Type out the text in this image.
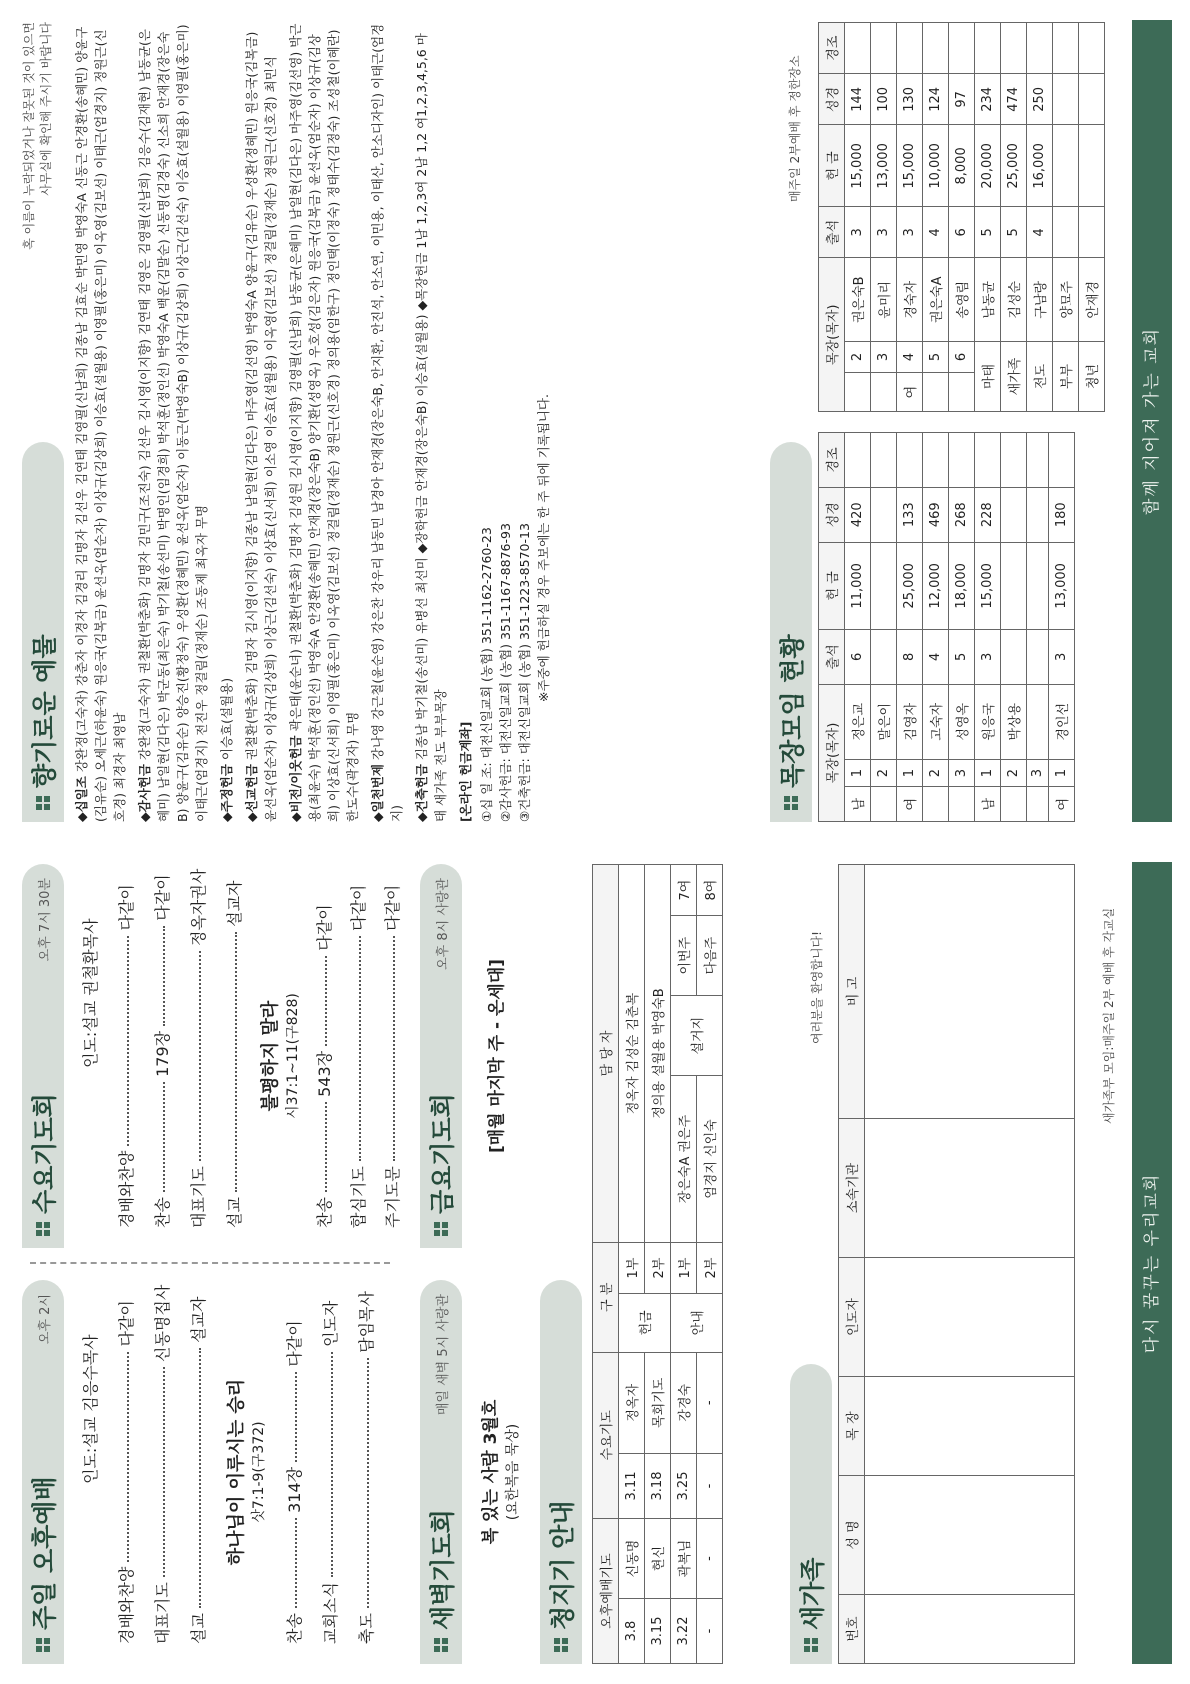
주일 오후예배
오후 2시
인도:설교 김응수목사
경배와찬양  다같이
대표기도  신동명집사
설교  설교자
하나님이 이루시는 승리 삿7:1-9(구372)
찬송  314장  다같이
교회소식  인도자
축도  담임목사
수요기도회
오후 7시 30분 인도:설교 권철환목사
경배와찬양  다같이
찬송  179장  다같이
대표기도  정옥자권사
설교  설교자
불평하지 말라 시37:1~11(구828)
찬송  543장  다같이
합심기도  다같이
주기도문  다같이
새벽기도회
매일 새벽 5시 사랑관
복 있는 사람 3월호 (요한복음 묵상)
금요기도회
오후 8시 사랑관
[매월 마지막 주 - 온세대]
청지기 안내 오후예배기도		수요기도		구 분		담 당 자			
3.8	신동명	3.11	정옥자	헌금	1부	정옥자 김성순 김춘복			
3.15	현신	3.18	목회기도		2부	정의용 설월용 박영숙B			
3.22	곽복님	3.25	강경숙	안내	1부	장은숙A 권은주	설거지	이번주	7여
-	-	-	-		2부	엄경지 신인숙		다음주	8여
새가족
여러분을 환영합니다!
번호	성 명	목 장	인도자	소속기관	비 고
						새가족부 모임:매주일 2부 예배 후 각교실
다시 꿈꾸는 우리교회
향기로운 예물
혹 이름이 누락되었거나 잘못된 것이 있으면 사무실에 확인해 주시기 바랍니다

◆십일조 강완정(고숙자) 강춘자 이경자 김경리 김명자 김선우 김연태 김영필(신남희) 김종남 김효순 박민영 박영숙A 신동근 안경환(송혜민) 양윤구(김유순) 오세근(하윤숙) 원응국(김복금) 윤선옥(엄순자) 이상규(김상희) 이승효(설월용) 이영필(홍은미) 이옥영(김보선) 이태근(엄경지) 정원근(신호경) 최경자 최영남 ◆감사헌금 강완정(고숙자) 권철환(박춘화) 김명자 김민구(조진숙) 김선우 김시영(이지향) 김연태 김영은 김영필(신남희) 김응수(김재현) 남동균(은혜미) 남일현(김다은) 박군동(최은숙) 박기철(송선미) 박명인(임경희) 박석훈(정인선) 박영숙A 백운(김말순) 신동명(김경숙) 신소희 안재경(장은숙B) 양윤구(김유순) 양승진(황정숙) 우성환(정혜민) 윤선옥(엄순자) 이동근(박영숙B) 이상규(김상희) 이상근(김선숙) 이승효(설월용) 이영필(홍은미) 이태근(엄경지) 전진우 정걸림(정재순) 조동제 최옥자 무명 ◆주정헌금 이승효(설월용)

◆선교헌금 권철환(박춘화) 김명자 김시영(이지향) 김종남 남일현(김다은) 마주영(김선영) 박영숙A 양윤구(김유순) 우성환(정혜민) 원응국(김복금) 윤선옥(엄순자) 이상규(김상희) 이상근(김선숙) 이상효(신서희) 이소영 이승효(설월용) 이옥영(김보선) 정걸림(정재순) 정원근(신호경) 최민식 ◆비전/이웃헌금 곽은태(윤순녀) 권철환(박춘화) 김명자 김성원 김시영(이지향) 김영필(신남희) 남동균(은혜미) 남일현(김다은) 마주영(김선영) 박근용(최윤숙) 박석훈(정인선) 박영숙A 안경환(송혜민) 안재경(장은숙B) 양기환(성영옥) 우호성(김은자) 원응국(김복금) 윤선옥(엄순자) 이상규(김상희) 이상효(신서희) 이영필(홍은미) 이옥영(김보선) 정걸림(정재순) 정원근(신호경) 정의용(임한구) 정인택(이정숙) 정태수(김정숙) 조성철(이혜란) 한도수(곽경자) 무명 ◆일천번제 강나영 강근철(윤순영) 강은찬 강우리 남동민 남경아 안재경(장은숙B, 안지환, 안진석, 안소연, 이민용, 이태산, 안소디자인) 이태근(엄경지) ◆건축헌금 김종남 박기철(송선미) 유병선 최선미 ◆장학헌금 안재경(장은숙B) 이승효(설월용) ◆목장헌금 1남 1,2,3여 2남 1,2 여1,2,3,4,5,6 마태 새가족 전도 부부목장 [온라인 헌금계좌] ①십 일 조: 대전신일교회 (농협) 351-1162-2760-23 ②감사헌금: 대전신일교회 (농협) 351-1167-8876-93 ③건축헌금: 대전신일교회 (농협) 351-1223-8570-13 ※주중에 헌금하실 경우 주보에는 한 주 뒤에 기록됩니다.

목장모임 현황
매주일 2부예배 후 정한장소
목장(목자)			출석	헌 금	성경	경조
남	1	정은교	6	11,000	420	
	2	말은이				
여	1	김영자	8	25,000	133	
	2	고숙자	4	12,000	469	
	3	성영옥	5	18,000	268	
남	1	원응국	3	15,000	228	
	2	박상용				
	3					
여	1	경인선	3	13,000	180	
목장(목자)			출석	헌 금	성경	경조
	2	권은숙B	3	15,000	144	
	3	윤미리	3	13,000	100	
여	4	경숙자	3	15,000	130	
	5	권은숙A	4	10,000	124	
	6	송영림	6	8,000	97	
마태		남동균	5	20,000	234	
새가족		김성순	5	25,000	474	
전도		구남랑	4	16,000	250	
부부		양묘주				
청년		안재경				
함께 지어져 가는 교회
